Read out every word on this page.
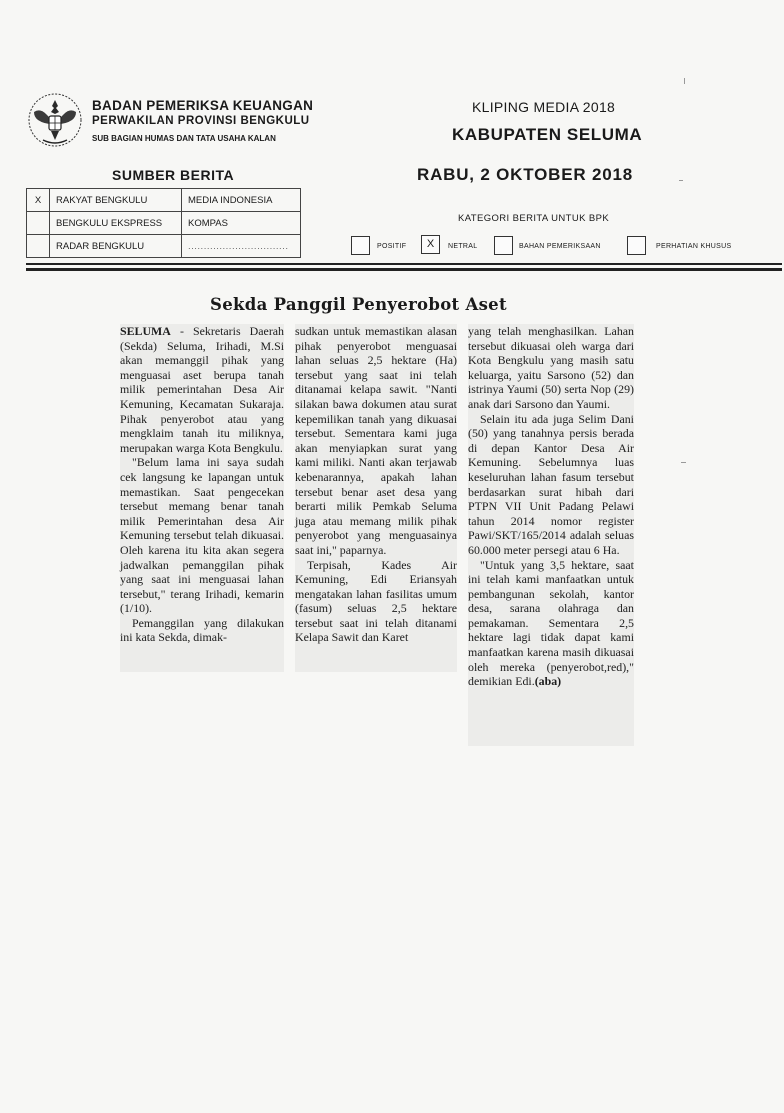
BADAN PEMERIKSA KEUANGAN
PERWAKILAN PROVINSI BENGKULU
SUB BAGIAN HUMAS DAN TATA USAHA KALAN
KLIPING MEDIA 2018
KABUPATEN SELUMA
RABU, 2 OKTOBER 2018
SUMBER BERITA
X	RAKYAT BENGKULU	MEDIA INDONESIA
	BENGKULU EKSPRESS	KOMPAS
	RADAR BENGKULU	................................
KATEGORI BERITA UNTUK BPK
POSITIF	X	NETRAL	BAHAN PEMERIKSAAN	PERHATIAN KHUSUS
Sekda Panggil Penyerobot Aset

SELUMA - Sekretaris Daerah (Sekda) Seluma, Irihadi, M.Si akan memanggil pihak yang menguasai aset berupa tanah milik pemerintahan Desa Air Kemuning, Kecamatan Sukaraja. Pihak penyerobot atau yang mengklaim tanah itu miliknya, merupakan warga Kota Bengkulu.

"Belum lama ini saya sudah cek langsung ke lapangan untuk memastikan. Saat pengecekan tersebut memang benar tanah milik Pemerintahan desa Air Kemuning tersebut telah dikuasai. Oleh karena itu kita akan segera jadwalkan pemanggilan pihak yang saat ini menguasai lahan tersebut," terang Irihadi, kemarin (1/10).

Pemanggilan yang dilakukan ini kata Sekda, dimak-

sudkan untuk memastikan alasan pihak penyerobot menguasai lahan seluas 2,5 hektare (Ha) tersebut yang saat ini telah ditanamai kelapa sawit. "Nanti silakan bawa dokumen atau surat kepemilikan tanah yang dikuasai tersebut. Sementara kami juga akan menyiapkan surat yang kami miliki. Nanti akan terjawab kebenarannya, apakah lahan tersebut benar aset desa yang berarti milik Pemkab Seluma juga atau memang milik pihak penyerobot yang menguasainya saat ini," paparnya.

Terpisah, Kades Air Kemuning, Edi Eriansyah mengatakan lahan fasilitas umum (fasum) seluas 2,5 hektare tersebut saat ini telah ditanami Kelapa Sawit dan Karet

yang telah menghasilkan. Lahan tersebut dikuasai oleh warga dari Kota Bengkulu yang masih satu keluarga, yaitu Sarsono (52) dan istrinya Yaumi (50) serta Nop (29) anak dari Sarsono dan Yaumi.

Selain itu ada juga Selim Dani (50) yang tanahnya persis berada di depan Kantor Desa Air Kemuning. Sebelumnya luas keseluruhan lahan fasum tersebut berdasarkan surat hibah dari PTPN VII Unit Padang Pelawi tahun 2014 nomor register Pawi/SKT/165/2014 adalah seluas 60.000 meter persegi atau 6 Ha.

"Untuk yang 3,5 hektare, saat ini telah kami manfaatkan untuk pembangunan sekolah, kantor desa, sarana olahraga dan pemakaman. Sementara 2,5 hektare lagi tidak dapat kami manfaatkan karena masih dikuasai oleh mereka (penyerobot,red)," demikian Edi.(aba)
